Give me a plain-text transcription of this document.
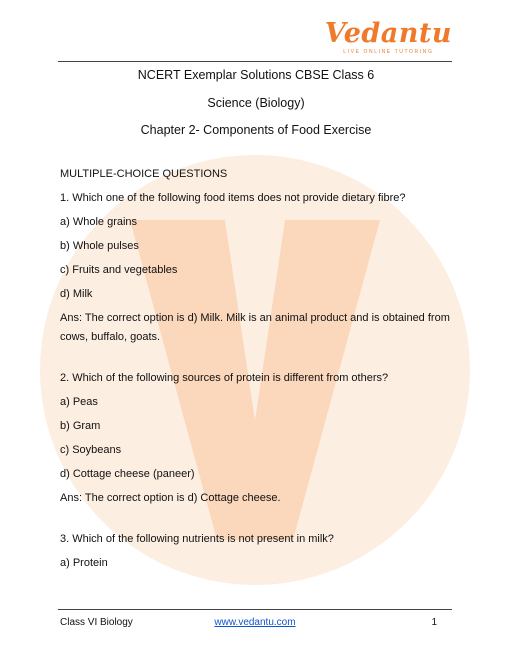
Vedantu
LIVE ONLINE TUTORING
NCERT Exemplar Solutions CBSE Class 6
Science (Biology)
Chapter 2- Components of Food Exercise
MULTIPLE-CHOICE QUESTIONS
1. Which one of the following food items does not provide dietary fibre?
a) Whole grains
b) Whole pulses
c) Fruits and vegetables
d) Milk
Ans: The correct option is d) Milk. Milk is an animal product and is obtained from
cows, buffalo, goats.
2. Which of the following sources of protein is different from others?
a) Peas
b) Gram
c) Soybeans
d) Cottage cheese (paneer)
Ans: The correct option is d) Cottage cheese.
3. Which of the following nutrients is not present in milk?
a) Protein
Class VI Biology	www.vedantu.com	1
